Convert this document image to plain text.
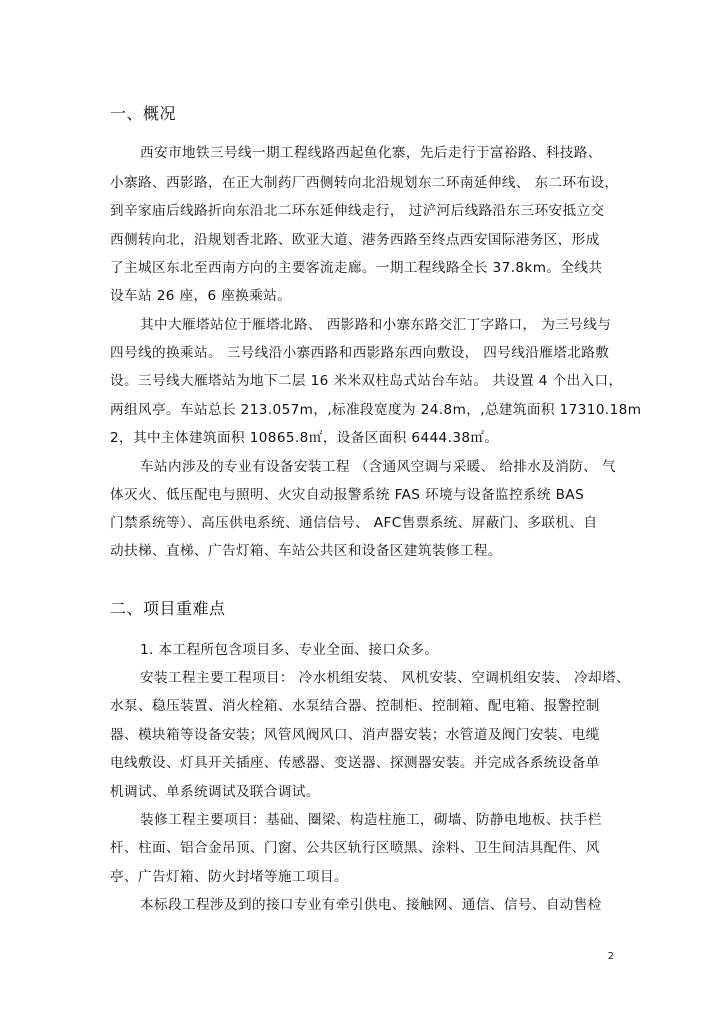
一、概况
西安市地铁三号线一期工程线路西起鱼化寨，先后走行于富裕路、科技路、
小寨路、西影路，在正大制药厂西侧转向北沿规划东二环南延伸线、 东二环布设，
到辛家庙后线路折向东沿北二环东延伸线走行， 过浐河后线路沿东三环安抵立交
西侧转向北，沿规划香北路、欧亚大道、港务西路至终点西安国际港务区，形成
了主城区东北至西南方向的主要客流走廊。一期工程线路全长 37.8km。全线共
设车站 26 座，6 座换乘站。
其中大雁塔站位于雁塔北路、 西影路和小寨东路交汇丁字路口， 为三号线与
四号线的换乘站。 三号线沿小寨西路和西影路东西向敷设， 四号线沿雁塔北路敷
设。三号线大雁塔站为地下二层 16 米米双柱岛式站台车站。 共设置 4 个出入口，
两组风亭。车站总长 213.057m，,标准段宽度为 24.8m，,总建筑面积 17310.18m
2，其中主体建筑面积 10865.8㎡，设备区面积 6444.38㎡。
车站内涉及的专业有设备安装工程 （含通风空调与采暖、 给排水及消防、 气
体灭火、低压配电与照明、火灾自动报警系统 FAS 环境与设备监控系统 BAS
门禁系统等）、高压供电系统、通信信号、 AFC售票系统、屏蔽门、多联机、自
动扶梯、直梯、广告灯箱、车站公共区和设备区建筑装修工程。
二、项目重难点
1. 本工程所包含项目多、专业全面、接口众多。
安装工程主要工程项目： 冷水机组安装、 风机安装、空调机组安装、 冷却塔、
水泵、稳压装置、消火栓箱、水泵结合器、控制柜、控制箱、配电箱、报警控制
器、模块箱等设备安装；风管风阀风口、消声器安装；水管道及阀门安装、电缆
电线敷设、灯具开关插座、传感器、变送器、探测器安装。并完成各系统设备单
机调试、单系统调试及联合调试。
装修工程主要项目：基础、圈梁、构造柱施工，砌墙、防静电地板、扶手栏
杆、柱面、铝合金吊顶、门窗、公共区轨行区喷黑、涂料、卫生间洁具配件、风
亭、广告灯箱、防火封堵等施工项目。
本标段工程涉及到的接口专业有牵引供电、接触网、通信、信号、自动售检
2
